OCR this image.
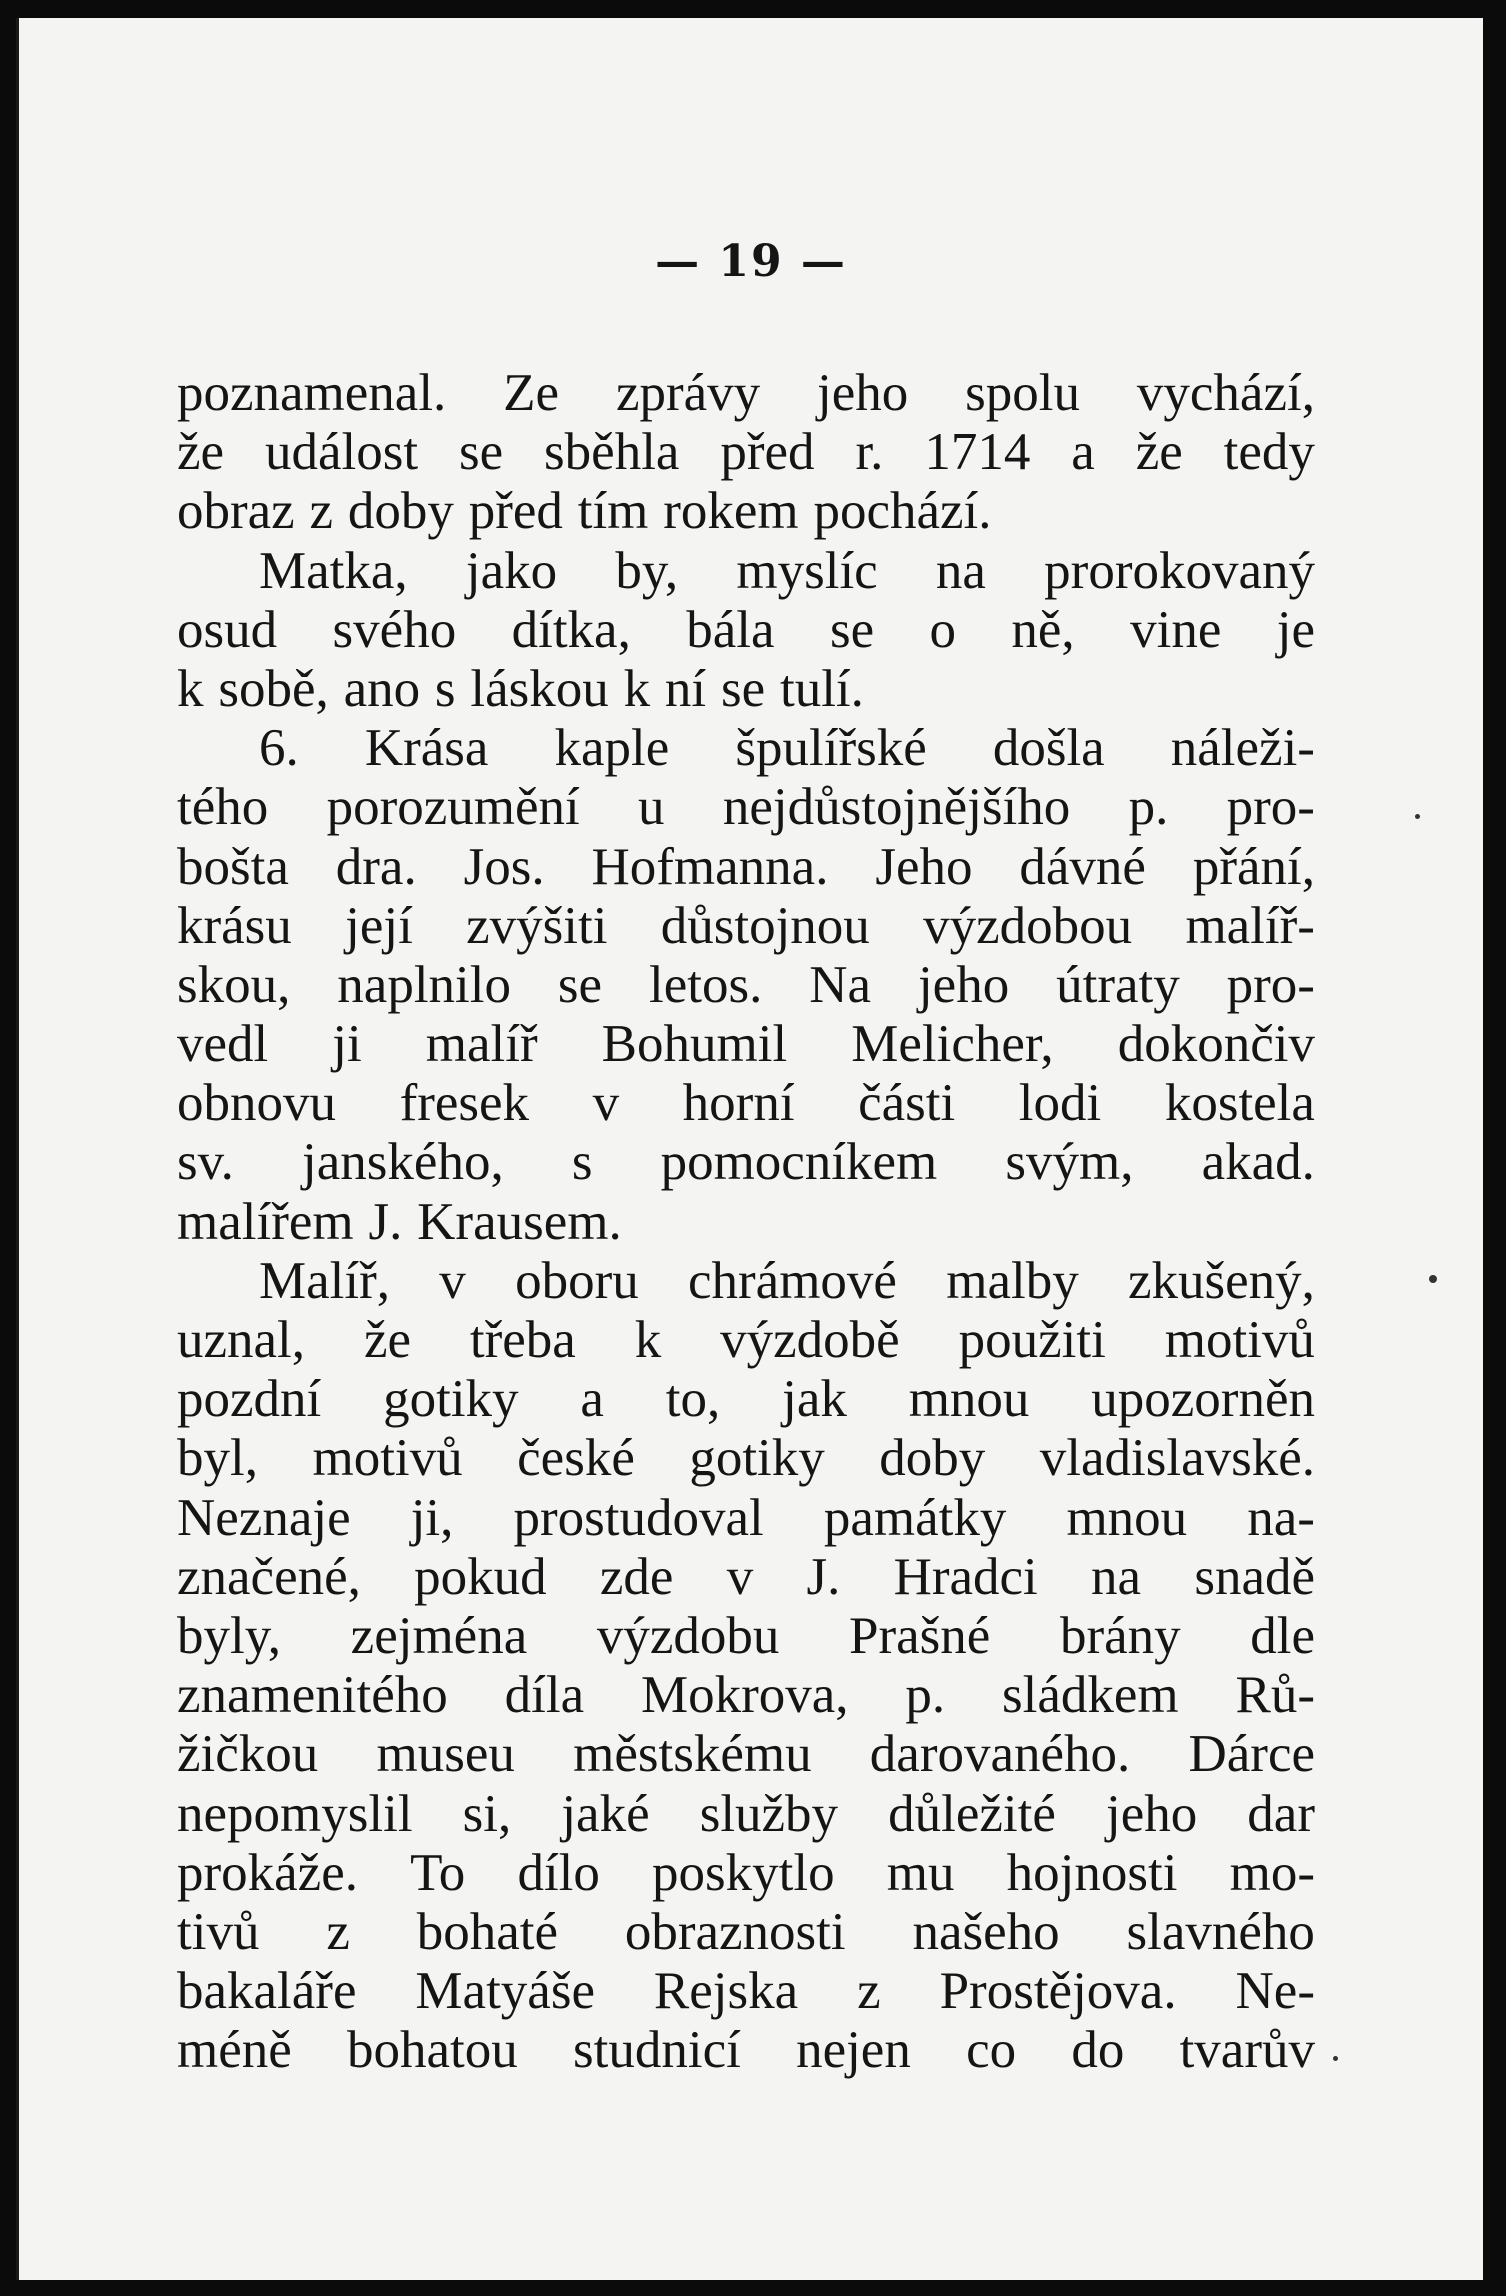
— 19 —
poznamenal. Ze zprávy jeho spolu vychází,
že událost se sběhla před r. 1714 a že tedy
obraz z doby před tím rokem pochází.
Matka, jako by, myslíc na prorokovaný
osud svého dítka, bála se o ně, vine je
k sobě, ano s láskou k ní se tulí.
6. Krása kaple špulířské došla náleži-
tého porozumění u nejdůstojnějšího p. pro-
bošta dra. Jos. Hofmanna. Jeho dávné přání,
krásu její zvýšiti důstojnou výzdobou malíř-
skou, naplnilo se letos. Na jeho útraty pro-
vedl ji malíř Bohumil Melicher, dokončiv
obnovu fresek v horní části lodi kostela
sv. janského, s pomocníkem svým, akad.
malířem J. Krausem.
Malíř, v oboru chrámové malby zkušený,
uznal, že třeba k výzdobě použiti motivů
pozdní gotiky a to, jak mnou upozorněn
byl, motivů české gotiky doby vladislavské.
Neznaje ji, prostudoval památky mnou na-
značené, pokud zde v J. Hradci na snadě
byly, zejména výzdobu Prašné brány dle
znamenitého díla Mokrova, p. sládkem Rů-
žičkou museu městskému darovaného. Dárce
nepomyslil si, jaké služby důležité jeho dar
prokáže. To dílo poskytlo mu hojnosti mo-
tivů z bohaté obraznosti našeho slavného
bakaláře Matyáše Rejska z Prostějova. Ne-
méně bohatou studnicí nejen co do tvarův
